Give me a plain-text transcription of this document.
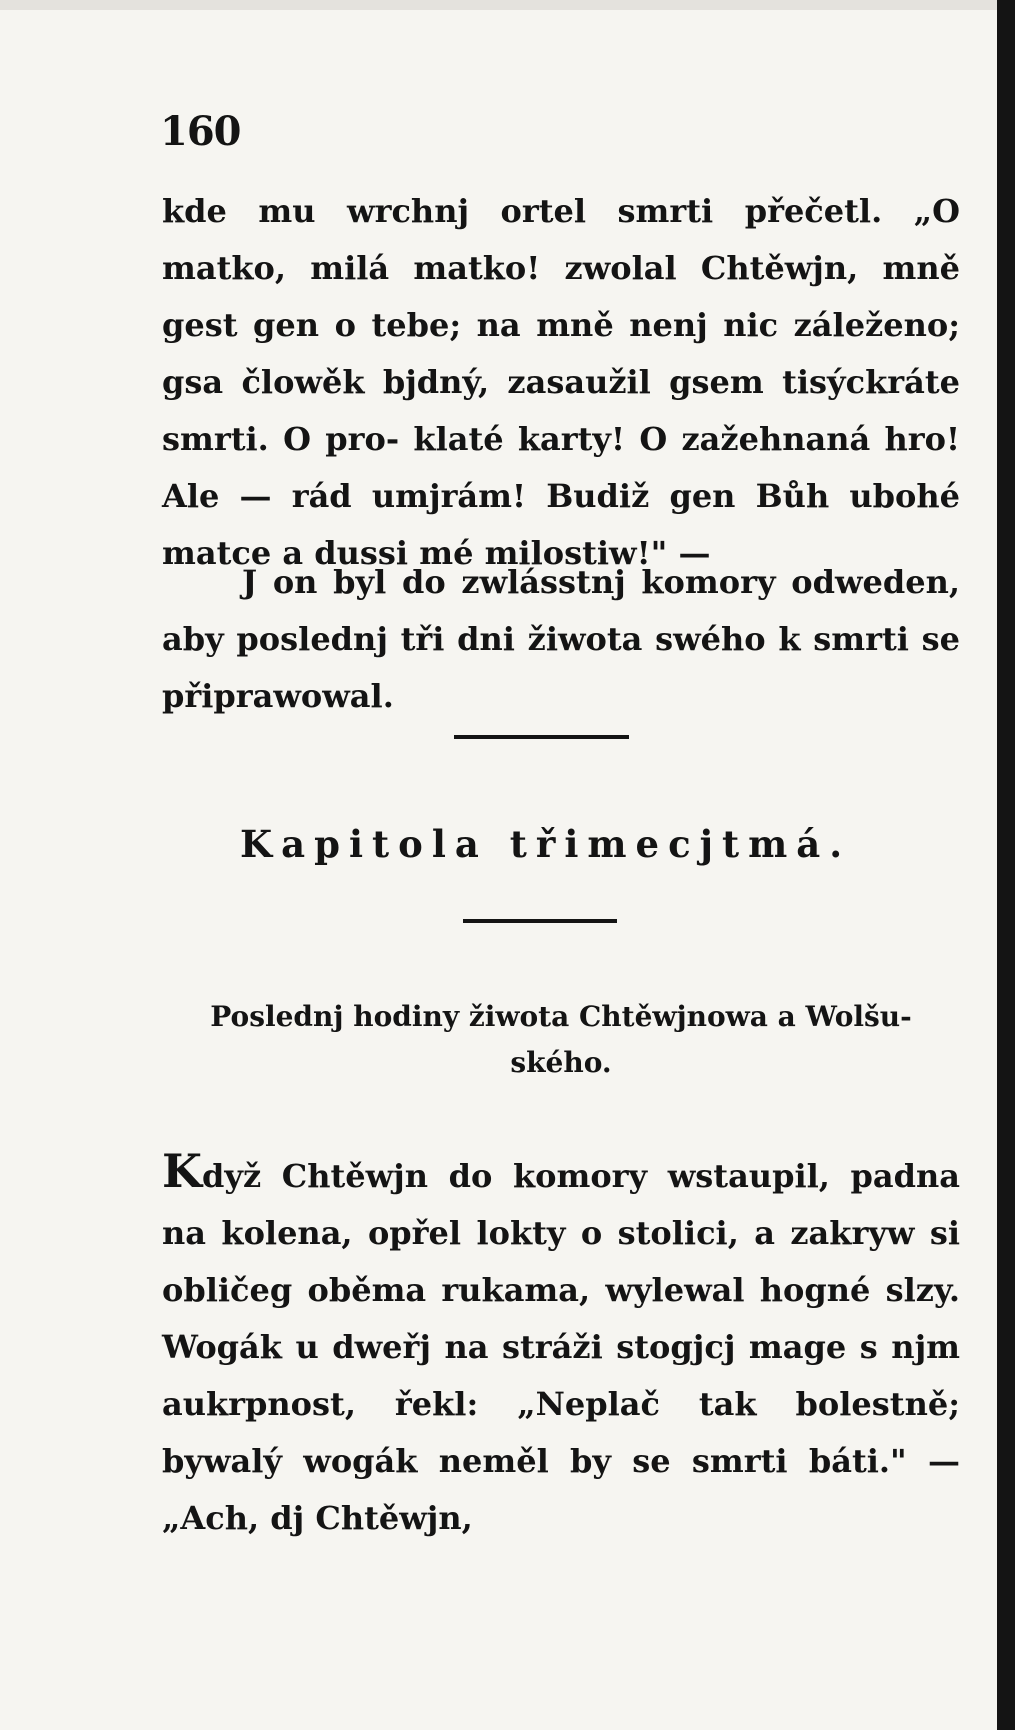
160
kde mu wrchnj ortel smrti přečetl. „O matko, milá matko! zwolal Chtěwjn, mně gest gen o tebe; na mně nenj nic záleženo; gsa člowěk bjdný, zasaužil gsem tisýckráte smrti. O pro- klaté karty! O zažehnaná hro! Ale — rád umjrám! Budiž gen Bůh ubohé matce a dussi mé milostiw!" —
J on byl do zwlásstnj komory odweden, aby poslednj tři dni žiwota swého k smrti se připrawowal.
Kapitola třimecjtmá.
Poslednj hodiny žiwota Chtěwjnowa a Wolšu- ského.
Když Chtěwjn do komory wstaupil, padna na kolena, opřel lokty o stolici, a zakryw si obličeg oběma rukama, wylewal hogné slzy. Wogák u dweřj na stráži stogjcj mage s njm aukrpnost, řekl: „Neplač tak bolestně; bywalý wogák neměl by se smrti báti." — „Ach, dj Chtěwjn,
